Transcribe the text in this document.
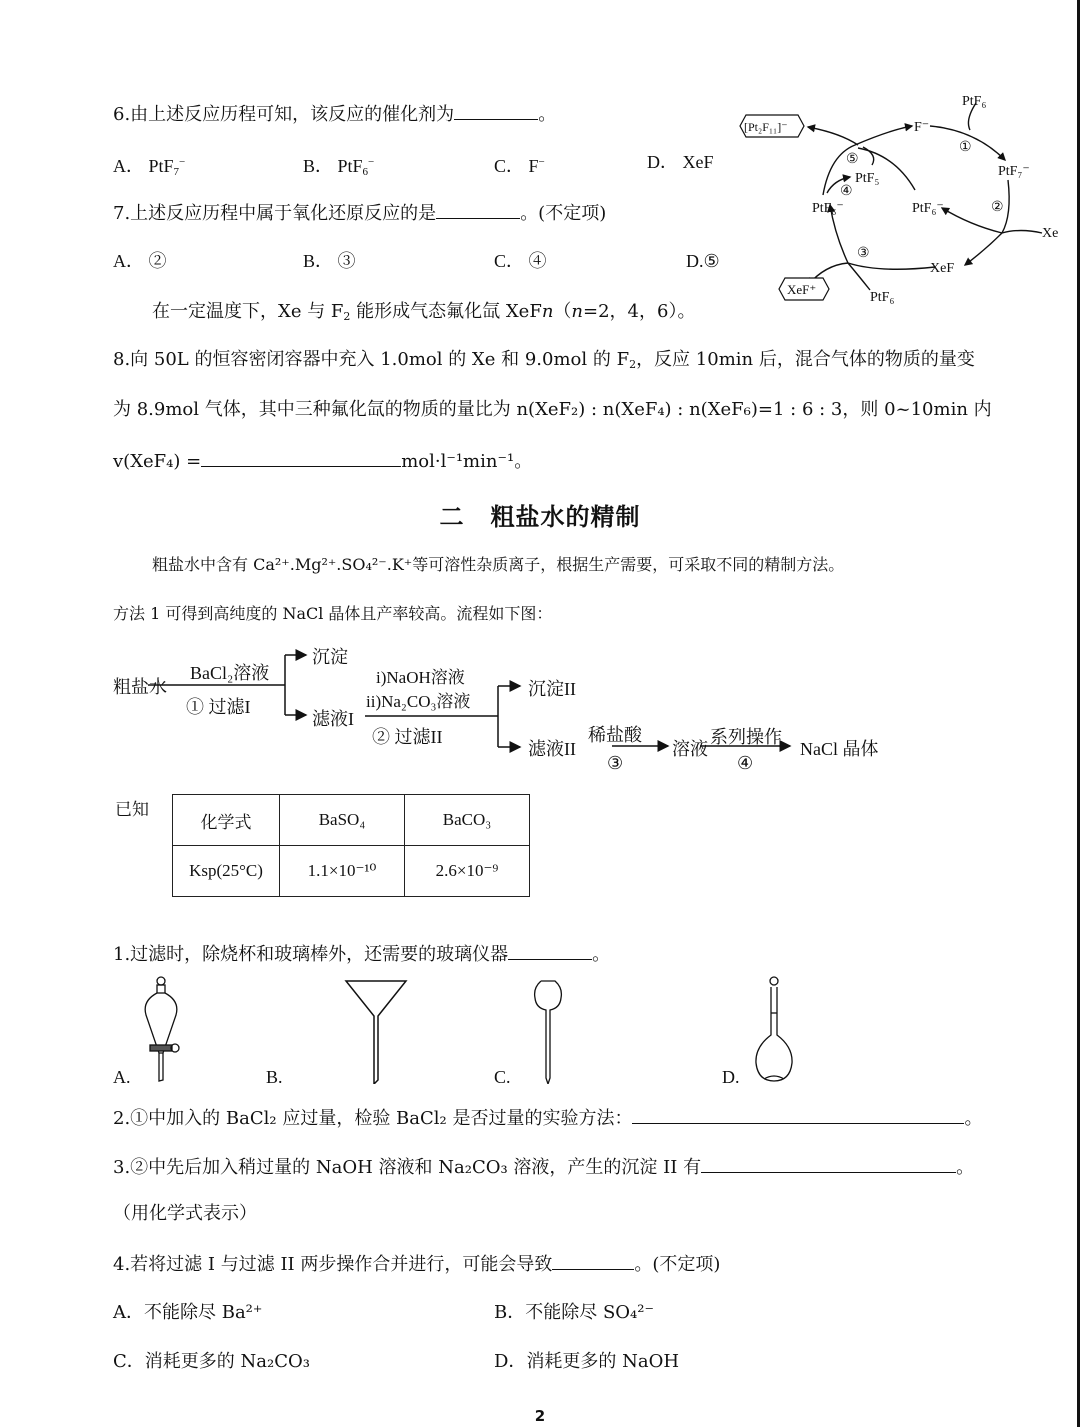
6.由上述反应历程可知，该反应的催化剂为	。
A． PtF$_7$−	B． PtF$_6$−	C． F−	D． XeF
7.上述反应历程中属于氧化还原反应的是	。(不定项)
A． ②	B． ③	C． ④	D.⑤
在一定温度下，Xe 与 $F_2$ 能形成气态氟化氙 XeFn（n=2，4，6）。
8.向 50L 的恒容密闭容器中充入 1.0mol 的 Xe 和 9.0mol 的 $F_2$，反应 10min 后，混合气体的物质的量变
为 8.9mol 气体，其中三种氟化氙的物质的量比为 n(XeF₂) : n(XeF₄) : n(XeF₆)=1 : 6 : 3，则 0~10min 内
v(XeF₄) =	mol·l⁻¹min⁻¹。
[Pt₂F₁₁]⁻	F⁻
PtF₆
PtF₇⁻
Xe
XeF
XeF⁺
PtF₆
PtF₆⁻	PtF₆⁻
PtF₅
①
②
③
④
⑤
二 粗盐水的精制
粗盐水中含有 Ca²⁺.Mg²⁺.SO₄²⁻.K⁺等可溶性杂质离子，根据生产需要，可采取不同的精制方法。
方法 1 可得到高纯度的 NaCl 晶体且产率较高。流程如下图：
粗盐水
BaCl₂溶液
① 过滤I
沉淀
滤液I
i)NaOH溶液
ii)Na₂CO₃溶液
② 过滤II
沉淀II
滤液II
稀盐酸
③
溶液
系列操作
④
NaCl 晶体
已知
化学式	BaSO₄	BaCO₃
Ksp(25°C)	1.1×10⁻¹⁰	2.6×10⁻⁹
1.过滤时，除烧杯和玻璃棒外，还需要的玻璃仪器	。
A.	B.	C.	D.
2.①中加入的 BaCl₂ 应过量，检验 BaCl₂ 是否过量的实验方法：	。
3.②中先后加入稍过量的 NaOH 溶液和 Na₂CO₃ 溶液，产生的沉淀 II 有	。
（用化学式表示）
4.若将过滤 I 与过滤 II 两步操作合并进行，可能会导致	。(不定项)
A．不能除尽 Ba²⁺	B．不能除尽 SO₄²⁻
C．消耗更多的 Na₂CO₃	D．消耗更多的 NaOH
2
